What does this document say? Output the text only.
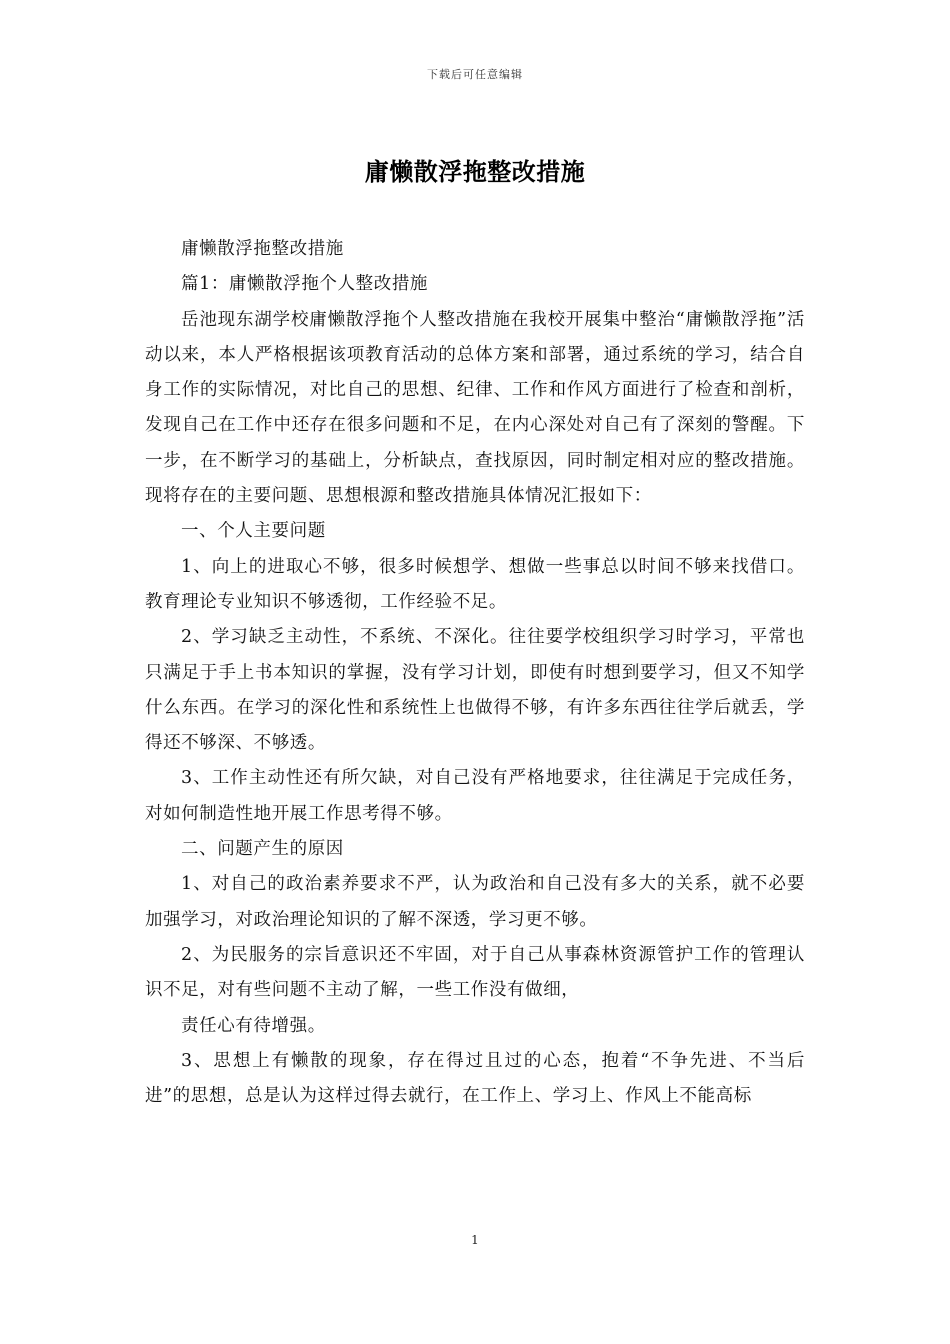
下载后可任意编辑
庸懒散浮拖整改措施

庸懒散浮拖整改措施

篇1：庸懒散浮拖个人整改措施

岳池现东湖学校庸懒散浮拖个人整改措施在我校开展集中整治“庸懒散浮拖”活动以来，本人严格根据该项教育活动的总体方案和部署，通过系统的学习，结合自身工作的实际情况，对比自己的思想、纪律、工作和作风方面进行了检查和剖析，发现自己在工作中还存在很多问题和不足，在内心深处对自己有了深刻的警醒。下一步，在不断学习的基础上，分析缺点，查找原因，同时制定相对应的整改措施。现将存在的主要问题、思想根源和整改措施具体情况汇报如下：

一、个人主要问题

1、向上的进取心不够，很多时候想学、想做一些事总以时间不够来找借口。教育理论专业知识不够透彻，工作经验不足。

2、学习缺乏主动性，不系统、不深化。往往要学校组织学习时学习，平常也只满足于手上书本知识的掌握，没有学习计划，即使有时想到要学习，但又不知学什么东西。在学习的深化性和系统性上也做得不够，有许多东西往往学后就丢，学得还不够深、不够透。

3、工作主动性还有所欠缺，对自己没有严格地要求，往往满足于完成任务，对如何制造性地开展工作思考得不够。

二、问题产生的原因

1、对自己的政治素养要求不严，认为政治和自己没有多大的关系，就不必要加强学习，对政治理论知识的了解不深透，学习更不够。

2、为民服务的宗旨意识还不牢固，对于自己从事森林资源管护工作的管理认识不足，对有些问题不主动了解，一些工作没有做细，

责任心有待增强。

3、思想上有懒散的现象，存在得过且过的心态，抱着“不争先进、不当后进”的思想，总是认为这样过得去就行，在工作上、学习上、作风上不能高标

1
